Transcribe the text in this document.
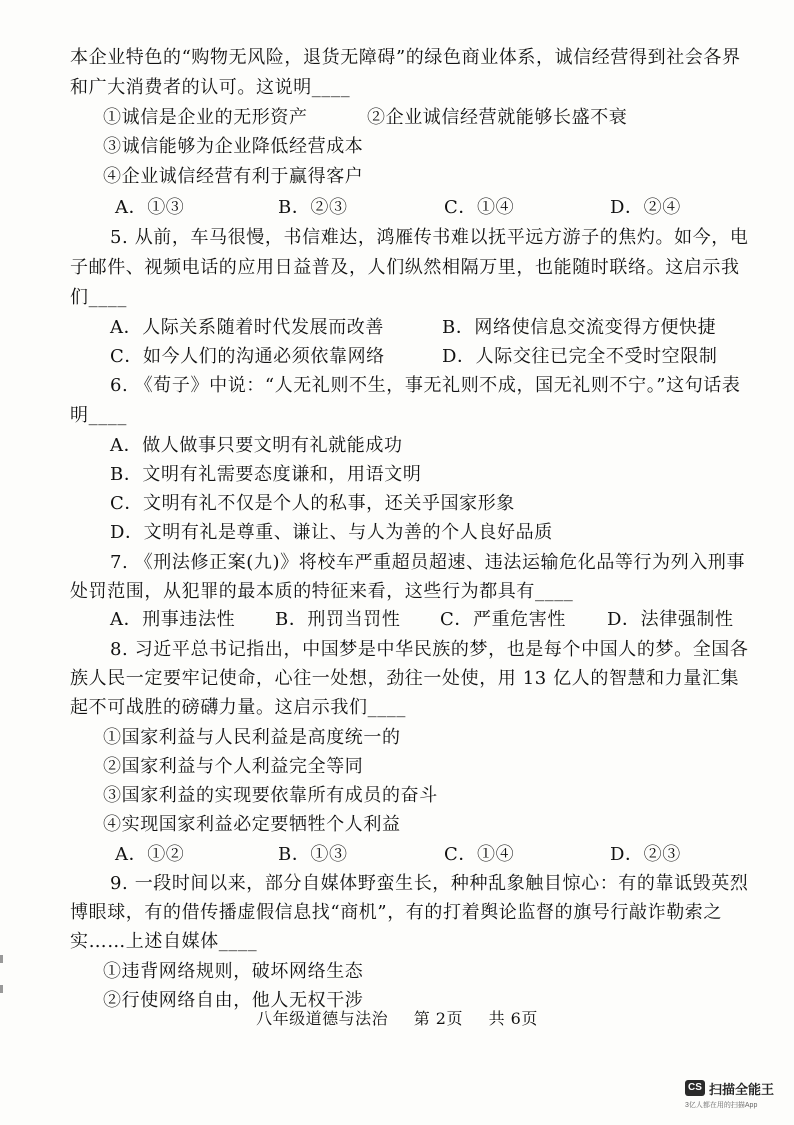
本企业特色的“购物无风险，退货无障碍”的绿色商业体系，诚信经营得到社会各界
和广大消费者的认可。这说明____
①诚信是企业的无形资产	②企业诚信经营就能够长盛不衰
③诚信能够为企业降低经营成本
④企业诚信经营有利于赢得客户
A．①③	B．②③	C．①④	D．②④
5. 从前，车马很慢，书信难达，鸿雁传书难以抚平远方游子的焦灼。如今，电
子邮件、视频电话的应用日益普及，人们纵然相隔万里，也能随时联络。这启示我
们____
A．人际关系随着时代发展而改善	B．网络使信息交流变得方便快捷
C．如今人们的沟通必须依靠网络	D．人际交往已完全不受时空限制
6. 《荀子》中说：“人无礼则不生，事无礼则不成，国无礼则不宁。”这句话表
明____
A．做人做事只要文明有礼就能成功
B．文明有礼需要态度谦和，用语文明
C．文明有礼不仅是个人的私事，还关乎国家形象
D．文明有礼是尊重、谦让、与人为善的个人良好品质
7. 《刑法修正案(九)》将校车严重超员超速、违法运输危化品等行为列入刑事
处罚范围，从犯罪的最本质的特征来看，这些行为都具有____
A．刑事违法性 B．刑罚当罚性 C．严重危害性 D．法律强制性
8. 习近平总书记指出，中国梦是中华民族的梦，也是每个中国人的梦。全国各
族人民一定要牢记使命，心往一处想，劲往一处使，用 13 亿人的智慧和力量汇集
起不可战胜的磅礴力量。这启示我们____
①国家利益与人民利益是高度统一的
②国家利益与个人利益完全等同
③国家利益的实现要依靠所有成员的奋斗
④实现国家利益必定要牺牲个人利益
A．①②	B．①③	C．①④	D．②③
9. 一段时间以来，部分自媒体野蛮生长，种种乱象触目惊心：有的靠诋毁英烈
博眼球，有的借传播虚假信息找“商机”，有的打着舆论监督的旗号行敲诈勒索之
实……上述自媒体____
①违背网络规则，破坏网络生态
②行使网络自由，他人无权干涉
八年级道德与法治 第 2页 共 6页
CS 扫描全能王
3亿人都在用的扫描App
